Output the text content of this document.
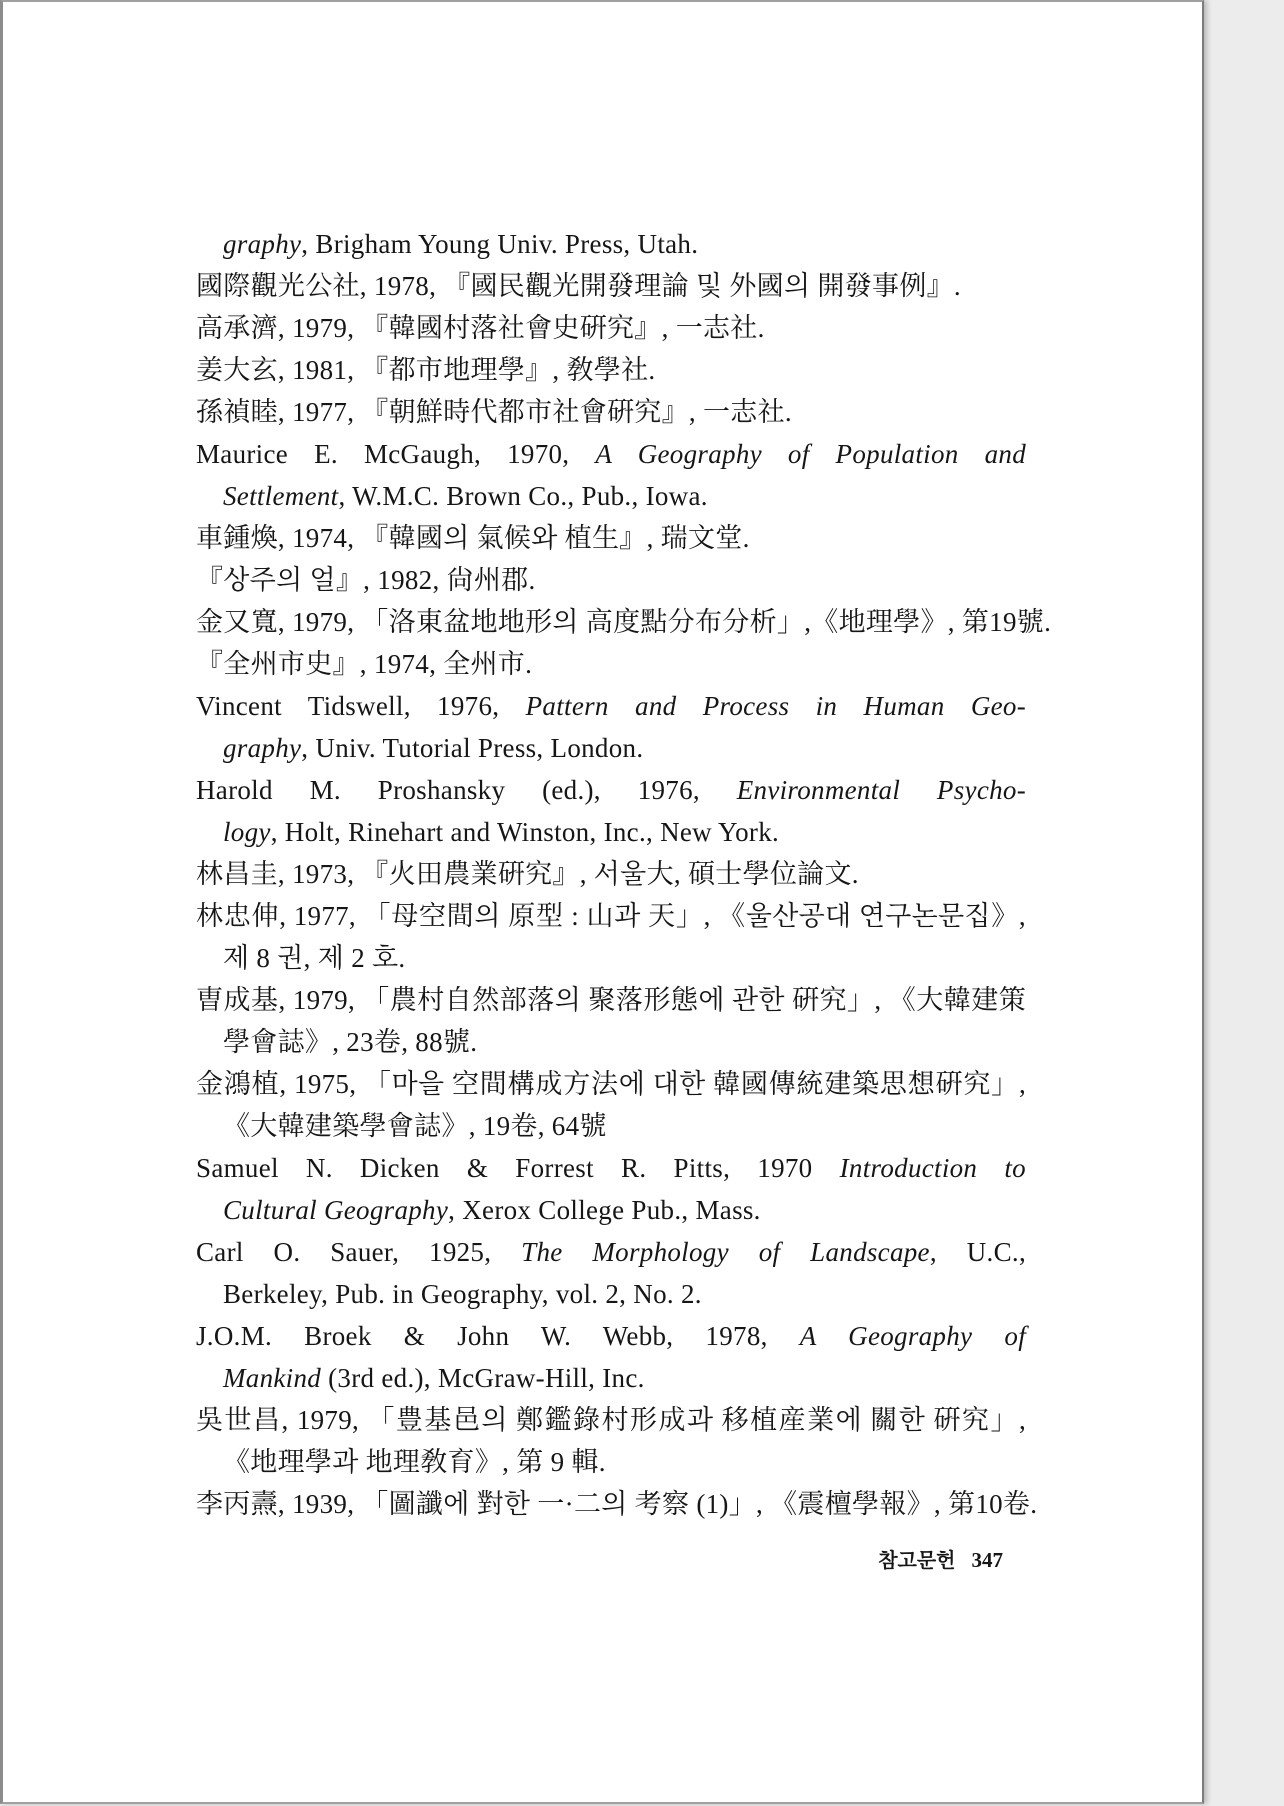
graphy, Brigham Young Univ. Press, Utah.
國際觀光公社, 1978, 『國民觀光開發理論 및 外國의 開發事例』.
高承濟, 1979, 『韓國村落社會史硏究』, 一志社.
姜大玄, 1981, 『都市地理學』, 敎學社.
孫禎睦, 1977, 『朝鮮時代都市社會硏究』, 一志社.
Maurice E. McGaugh, 1970, A Geography of Population and
Settlement, W.M.C. Brown Co., Pub., Iowa.
車鍾煥, 1974, 『韓國의 氣候와 植生』, 瑞文堂.
『상주의 얼』, 1982, 尙州郡.
金又寬, 1979, 「洛東盆地地形의 高度點分布分析」,《地理學》, 第19號.
『全州市史』, 1974, 全州市.
Vincent Tidswell, 1976, Pattern and Process in Human Geo-
graphy, Univ. Tutorial Press, London.
Harold M. Proshansky (ed.), 1976, Environmental Psycho-
logy, Holt, Rinehart and Winston, Inc., New York.
林昌圭, 1973, 『火田農業硏究』, 서울大, 碩士學位論文.
林忠伸, 1977, 「母空間의 原型 : 山과 天」, 《울산공대 연구논문집》,
제 8 권, 제 2 호.
曺成基, 1979, 「農村自然部落의 聚落形態에 관한 硏究」, 《大韓建策
學會誌》, 23卷, 88號.
金鴻植, 1975, 「마을 空間構成方法에 대한 韓國傳統建築思想硏究」,
《大韓建築學會誌》, 19卷, 64號
Samuel N. Dicken & Forrest R. Pitts, 1970 Introduction to
Cultural Geography, Xerox College Pub., Mass.
Carl O. Sauer, 1925, The Morphology of Landscape, U.C.,
Berkeley, Pub. in Geography, vol. 2, No. 2.
J.O.M. Broek & John W. Webb, 1978, A Geography of
Mankind (3rd ed.), McGraw-Hill, Inc.
吳世昌, 1979, 「豊基邑의 鄭鑑錄村形成과 移植産業에 關한 硏究」,
《地理學과 地理敎育》, 第 9 輯.
李丙燾, 1939, 「圖讖에 對한 一·二의 考察 (1)」, 《震檀學報》, 第10卷.
참고문헌 347
